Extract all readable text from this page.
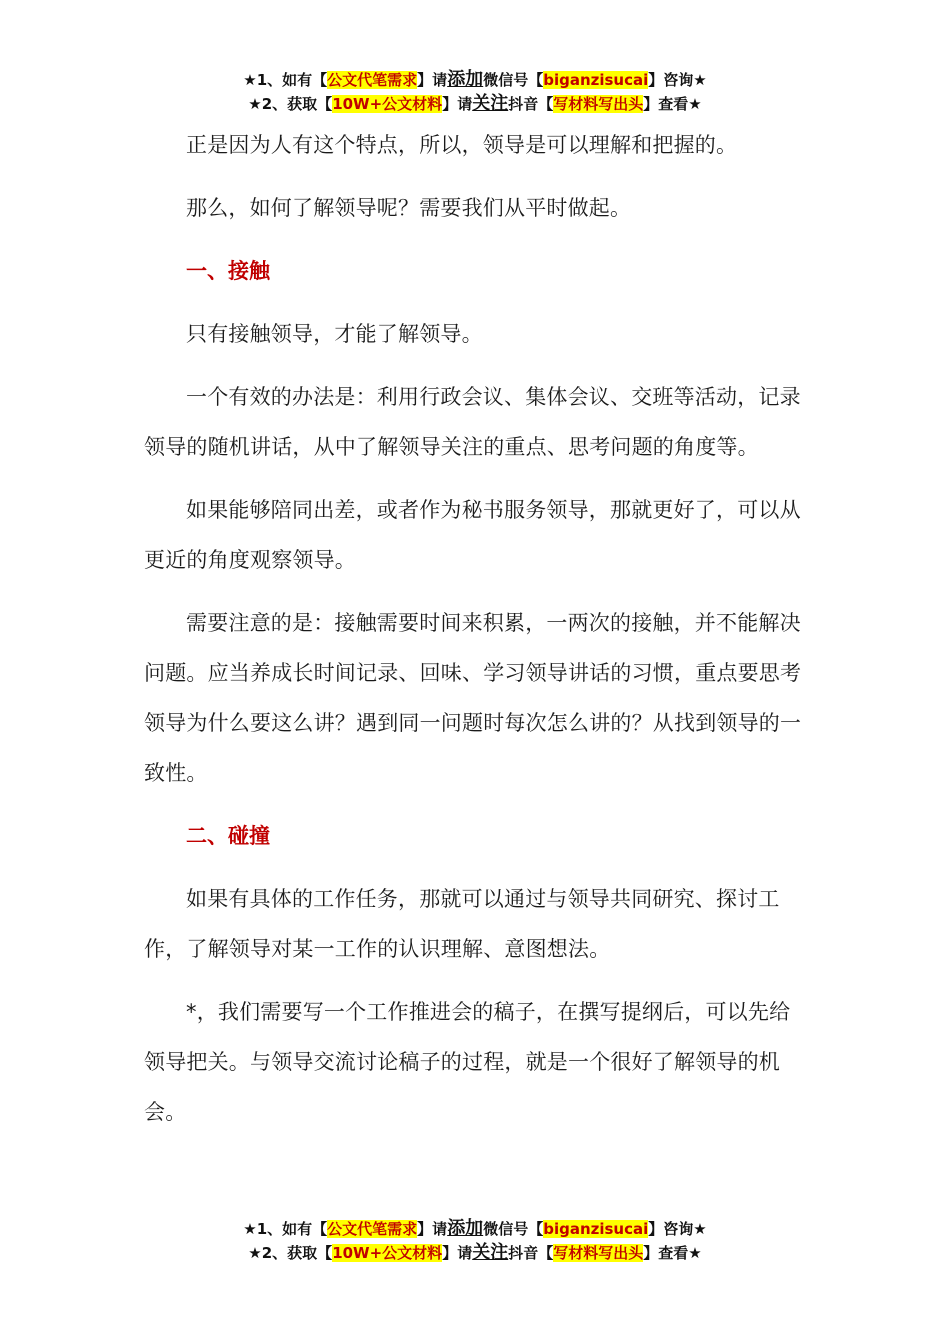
★1、如有【公文代笔需求】请添加微信号【biganzisucai】咨询★
★2、获取【10W+公文材料】请关注抖音【写材料写出头】查看★

正是因为人有这个特点，所以，领导是可以理解和把握的。

那么，如何了解领导呢？需要我们从平时做起。

一、接触

只有接触领导，才能了解领导。

一个有效的办法是：利用行政会议、集体会议、交班等活动，记录领导的随机讲话，从中了解领导关注的重点、思考问题的角度等。

如果能够陪同出差，或者作为秘书服务领导，那就更好了，可以从更近的角度观察领导。

需要注意的是：接触需要时间来积累，一两次的接触，并不能解决问题。应当养成长时间记录、回味、学习领导讲话的习惯，重点要思考领导为什么要这么讲？遇到同一问题时每次怎么讲的？从找到领导的一致性。

二、碰撞

如果有具体的工作任务，那就可以通过与领导共同研究、探讨工作，了解领导对某一工作的认识理解、意图想法。

*，我们需要写一个工作推进会的稿子，在撰写提纲后，可以先给领导把关。与领导交流讨论稿子的过程，就是一个很好了解领导的机会。

★1、如有【公文代笔需求】请添加微信号【biganzisucai】咨询★
★2、获取【10W+公文材料】请关注抖音【写材料写出头】查看★
